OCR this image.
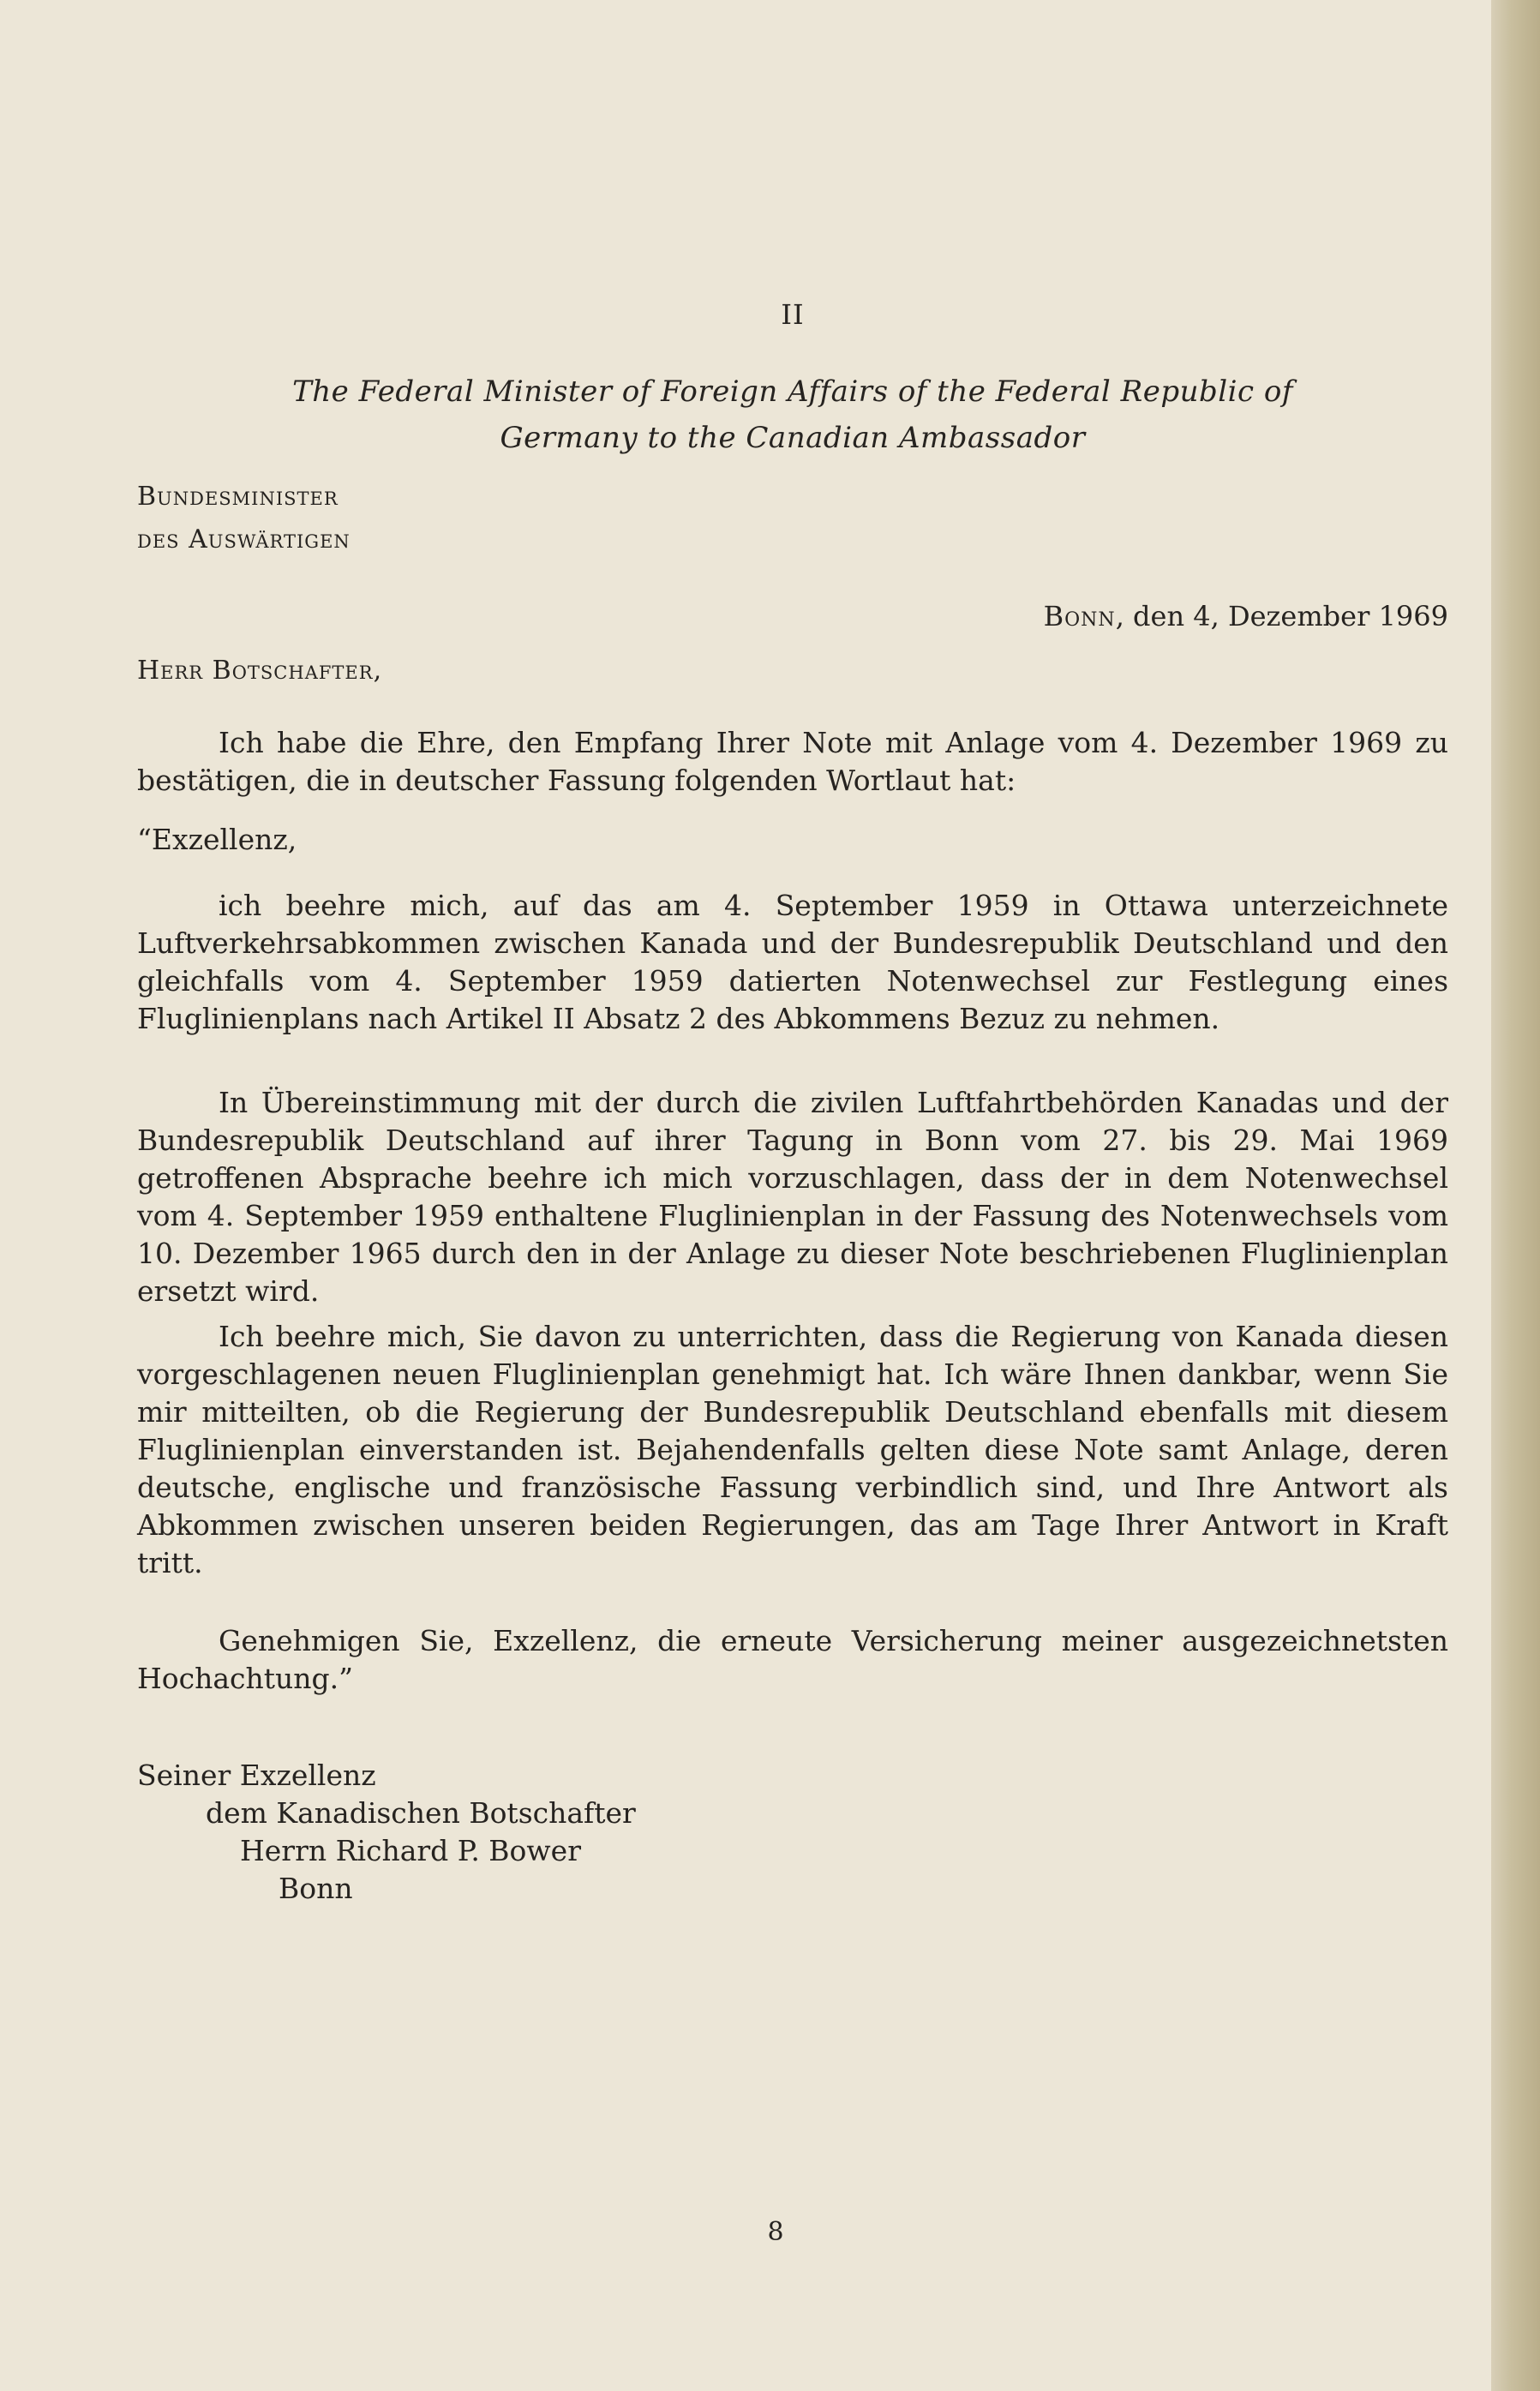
II
The Federal Minister of Foreign Affairs of the Federal Republic of
Germany to the Canadian Ambassador
Bundesminister
des Auswärtigen
Bonn, den 4, Dezember 1969
Herr Botschafter,
Ich habe die Ehre, den Empfang Ihrer Note mit Anlage vom 4. Dezember 1969 zu bestätigen, die in deutscher Fassung folgenden Wortlaut hat:
“Exzellenz,
ich beehre mich, auf das am 4. September 1959 in Ottawa unterzeichnete Luftverkehrsabkommen zwischen Kanada und der Bundesrepublik Deutschland und den gleichfalls vom 4. September 1959 datierten Notenwechsel zur Festlegung eines Fluglinienplans nach Artikel II Absatz 2 des Abkommens Bezuz zu nehmen.
In Übereinstimmung mit der durch die zivilen Luftfahrtbehörden Kanadas und der Bundesrepublik Deutschland auf ihrer Tagung in Bonn vom 27. bis 29. Mai 1969 getroffenen Absprache beehre ich mich vorzuschlagen, dass der in dem Notenwechsel vom 4. September 1959 enthaltene Fluglinienplan in der Fassung des Notenwechsels vom 10. Dezember 1965 durch den in der Anlage zu dieser Note beschriebenen Fluglinienplan ersetzt wird.
Ich beehre mich, Sie davon zu unterrichten, dass die Regierung von Kanada diesen vorgeschlagenen neuen Fluglinienplan genehmigt hat. Ich wäre Ihnen dankbar, wenn Sie mir mitteilten, ob die Regierung der Bundesrepublik Deutschland ebenfalls mit diesem Fluglinienplan einverstanden ist. Bejahendenfalls gelten diese Note samt Anlage, deren deutsche, englische und französische Fassung verbindlich sind, und Ihre Antwort als Abkommen zwischen unseren beiden Regierungen, das am Tage Ihrer Antwort in Kraft tritt.
Genehmigen Sie, Exzellenz, die erneute Versicherung meiner ausgezeichnetsten Hochachtung.”
Seiner Exzellenz
dem Kanadischen Botschafter
Herrn Richard P. Bower
Bonn
8
